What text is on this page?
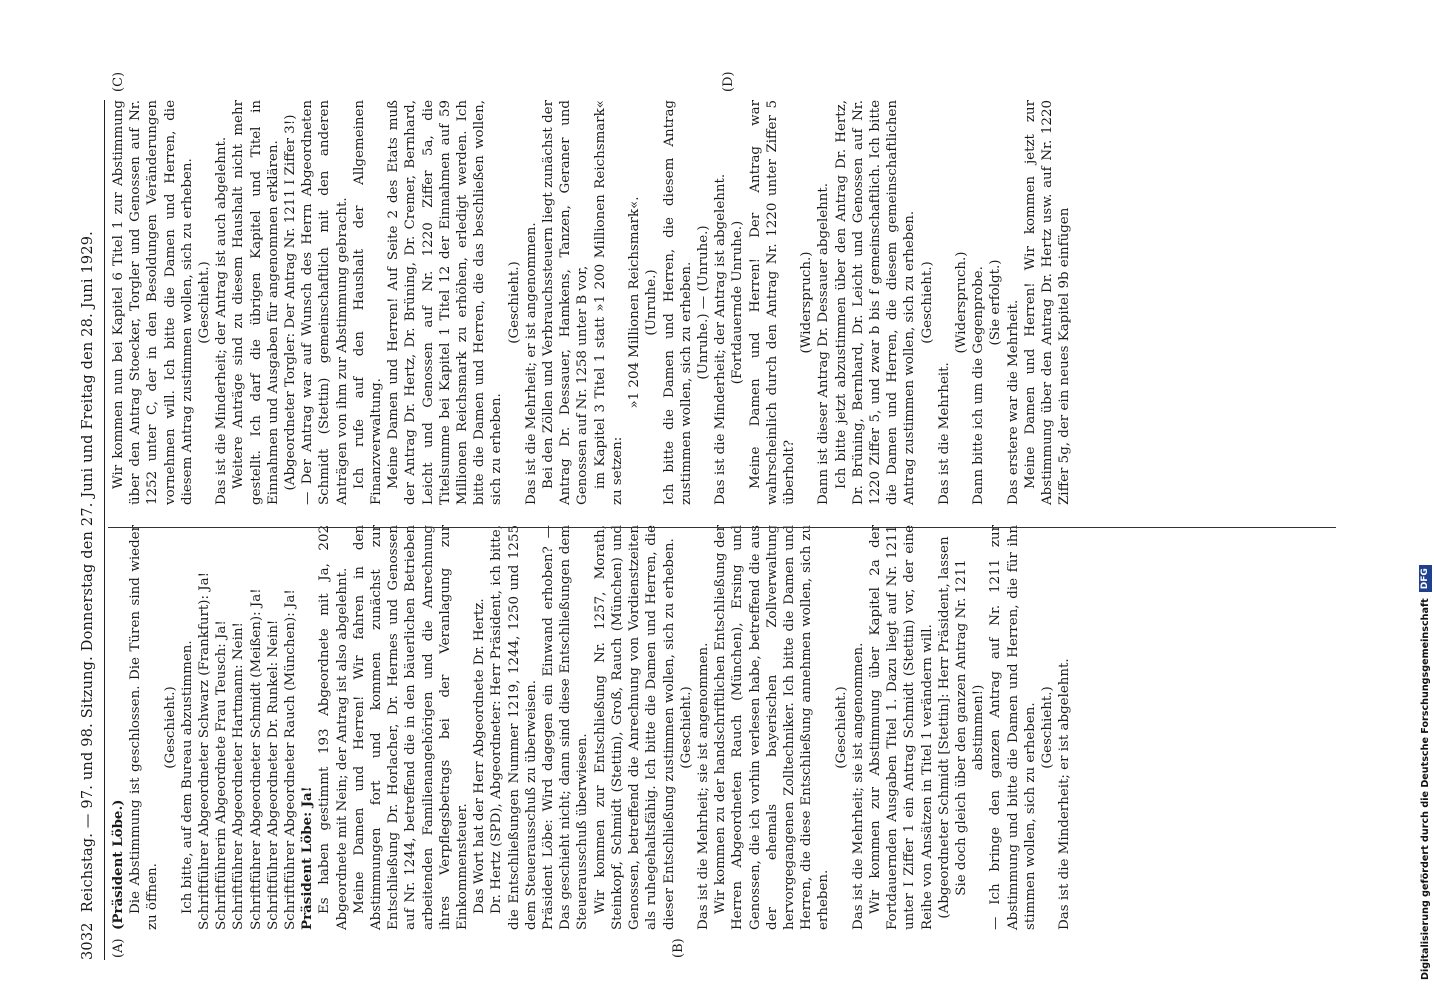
3032
Reichstag. — 97. und 98. Sitzung. Donnerstag den 27. Juni und Freitag den 28. Juni 1929.
(A)	(B)
(C)	(D)

(Präsident Löbe.) Die Abstimmung ist geschlossen. Die Türen sind wieder zu öffnen.

(Geschieht.) Ich bitte, auf dem Bureau abzustimmen. Schriftführer Abgeordneter Schwarz (Frankfurt): Ja! Schriftführerin Abgeordnete Frau Teusch: Ja! Schriftführer Abgeordneter Hartmann: Nein! Schriftführer Abgeordneter Schmidt (Meißen): Ja! Schriftführer Abgeordneter Dr. Runkel: Nein! Schriftführer Abgeordneter Rauch (München): Ja! Präsident Löbe: Ja! Es haben gestimmt 193 Abgeordnete mit Ja, 202 Abgeordnete mit Nein; der Antrag ist also abgelehnt. Meine Damen und Herren! Wir fahren in den Abstimmungen fort und kommen zunächst zur Entschließung Dr. Horlacher, Dr. Hermes und Genossen auf Nr. 1244, betreffend die in den bäuerlichen Betrieben arbeitenden Familienangehörigen und die Anrechnung ihres Verpflegsbetrags bei der Veranlagung zur Einkommensteuer. Das Wort hat der Herr Abgeordnete Dr. Hertz. Dr. Hertz (SPD), Abgeordneter: Herr Präsident, ich bitte, die Entschließungen Nummer 1219, 1244, 1250 und 1255 dem Steuerausschuß zu überweisen. Präsident Löbe: Wird dagegen ein Einwand erhoben? — Das geschieht nicht; dann sind diese Entschließungen dem Steuerausschuß überwiesen. Wir kommen zur Entschließung Nr. 1257, Morath, Steinkopf, Schmidt (Stettin), Groß, Rauch (München) und Genossen, betreffend die Anrechnung von Vordienstzeiten als ruhegehaltsfähig. Ich bitte die Damen und Herren, die dieser Entschließung zustimmen wollen, sich zu erheben. (Geschieht.) Das ist die Mehrheit; sie ist angenommen. Wir kommen zu der handschriftlichen Entschließung der Herren Abgeordneten Rauch (München), Ersing und Genossen, die ich vorhin verlesen habe, betreffend die aus der ehemals bayerischen Zollverwaltung hervorgegangenen Zolltechniker. Ich bitte die Damen und Herren, die diese Entschließung annehmen wollen, sich zu erheben.

(Geschieht.) Das ist die Mehrheit; sie ist angenommen. Wir kommen zur Abstimmung über Kapitel 2a der Fortdauernden Ausgaben Titel 1. Dazu liegt auf Nr. 1211 unter I Ziffer 1 ein Antrag Schmidt (Stettin) vor, der eine Reihe von Ansätzen in Titel 1 verändern will. (Abgeordneter Schmidt [Stettin]: Herr Präsident, lassen Sie doch gleich über den ganzen Antrag Nr. 1211 abstimmen!) — Ich bringe den ganzen Antrag auf Nr. 1211 zur Abstimmung und bitte die Damen und Herren, die für ihn stimmen wollen, sich zu erheben. (Geschieht.) Das ist die Minderheit; er ist abgelehnt.

Wir kommen nun bei Kapitel 6 Titel 1 zur Abstimmung über den Antrag Stoecker, Torgler und Genossen auf Nr. 1252 unter C, der in den Besoldungen Veränderungen vornehmen will. Ich bitte die Damen und Herren, die diesem Antrag zustimmen wollen, sich zu erheben. (Geschieht.) Das ist die Minderheit; der Antrag ist auch abgelehnt. Weitere Anträge sind zu diesem Haushalt nicht mehr gestellt. Ich darf die übrigen Kapitel und Titel in Einnahmen und Ausgaben für angenommen erklären. (Abgeordneter Torgler: Der Antrag Nr. 1211 I Ziffer 3!) — Der Antrag war auf Wunsch des Herrn Abgeordneten Schmidt (Stettin) gemeinschaftlich mit den anderen Anträgen von ihm zur Abstimmung gebracht. Ich rufe auf den Haushalt der Allgemeinen Finanzverwaltung. Meine Damen und Herren! Auf Seite 2 des Etats muß der Antrag Dr. Hertz, Dr. Brüning, Dr. Cremer, Bernhard, Leicht und Genossen auf Nr. 1220 Ziffer 5a, die Titelsumme bei Kapitel 1 Titel 12 der Einnahmen auf 59 Millionen Reichsmark zu erhöhen, erledigt werden. Ich bitte die Damen und Herren, die das beschließen wollen, sich zu erheben.

(Geschieht.) Das ist die Mehrheit; er ist angenommen. Bei den Zöllen und Verbrauchssteuern liegt zunächst der Antrag Dr. Dessauer, Hamkens, Tanzen, Geraner und Genossen auf Nr. 1258 unter B vor, im Kapitel 3 Titel 1 statt »1 200 Millionen Reichsmark« zu setzen:

»1 204 Millionen Reichsmark«. (Unruhe.) Ich bitte die Damen und Herren, die diesem Antrag zustimmen wollen, sich zu erheben. (Unruhe.) — (Unruhe.) Das ist die Minderheit; der Antrag ist abgelehnt. (Fortdauernde Unruhe.) Meine Damen und Herren! Der Antrag war wahrscheinlich durch den Antrag Nr. 1220 unter Ziffer 5 überholt?

(Widerspruch.) Dann ist dieser Antrag Dr. Dessauer abgelehnt. Ich bitte jetzt abzustimmen über den Antrag Dr. Hertz, Dr. Brüning, Bernhard, Dr. Leicht und Genossen auf Nr. 1220 Ziffer 5, und zwar b bis f gemeinschaftlich. Ich bitte die Damen und Herren, die diesem gemeinschaftlichen Antrag zustimmen wollen, sich zu erheben. (Geschieht.)

Das ist die Mehrheit.

(Widerspruch.) Dann bitte ich um die Gegenprobe. (Sie erfolgt.) Das erstere war die Mehrheit. Meine Damen und Herren! Wir kommen jetzt zur Abstimmung über den Antrag Dr. Hertz usw. auf Nr. 1220 Ziffer 5g, der ein neues Kapitel 9b einfügen

Digitalisierung gefördert durch die Deutsche Forschungsgemeinschaft
DFG
